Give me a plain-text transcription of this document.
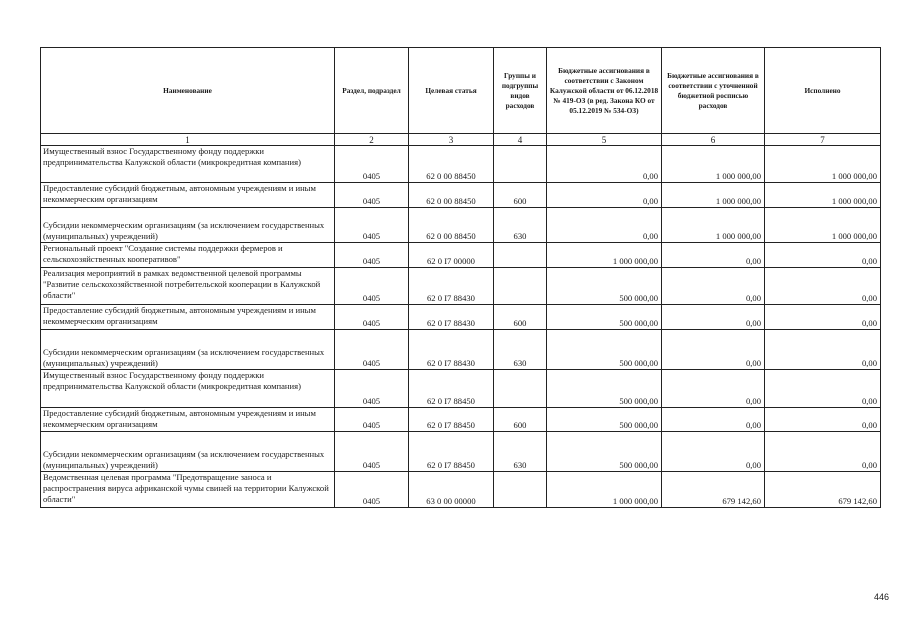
Наименование	Раздел, подраздел	Целевая статья	Группы и подгруппы видов расходов	Бюджетные ассигнования в соответствии с Законом Калужской области от 06.12.2018 № 419-ОЗ (в ред. Закона КО от 05.12.2019 № 534-ОЗ)	Бюджетные ассигнования в соответствии с уточненной бюджетной росписью расходов	Исполнено
1	2	3	4	5	6	7
Имущественный взнос Государственному фонду поддержки предпринимательства Калужской области (микрокредитная компания)	0405	62 0 00 88450		0,00	1 000 000,00	1 000 000,00
Предоставление субсидий бюджетным, автономным учреждениям и иным некоммерческим организациям	0405	62 0 00 88450	600	0,00	1 000 000,00	1 000 000,00
Субсидии некоммерческим организациям (за исключением государственных (муниципальных) учреждений)	0405	62 0 00 88450	630	0,00	1 000 000,00	1 000 000,00
Региональный проект "Создание системы поддержки фермеров и сельскохозяйственных кооперативов"	0405	62 0 I7 00000		1 000 000,00	0,00	0,00
Реализация мероприятий в рамках ведомственной целевой программы "Развитие сельскохозяйственной потребительской кооперации в Калужской области"	0405	62 0 I7 88430		500 000,00	0,00	0,00
Предоставление субсидий бюджетным, автономным учреждениям и иным некоммерческим организациям	0405	62 0 I7 88430	600	500 000,00	0,00	0,00
Субсидии некоммерческим организациям (за исключением государственных (муниципальных) учреждений)	0405	62 0 I7 88430	630	500 000,00	0,00	0,00
Имущественный взнос Государственному фонду поддержки предпринимательства Калужской области (микрокредитная компания)	0405	62 0 I7 88450		500 000,00	0,00	0,00
Предоставление субсидий бюджетным, автономным учреждениям и иным некоммерческим организациям	0405	62 0 I7 88450	600	500 000,00	0,00	0,00
Субсидии некоммерческим организациям (за исключением государственных (муниципальных) учреждений)	0405	62 0 I7 88450	630	500 000,00	0,00	0,00
Ведомственная целевая программа "Предотвращение заноса и распространения вируса африканской чумы свиней на территории Калужской области"	0405	63 0 00 00000		1 000 000,00	679 142,60	679 142,60
446
